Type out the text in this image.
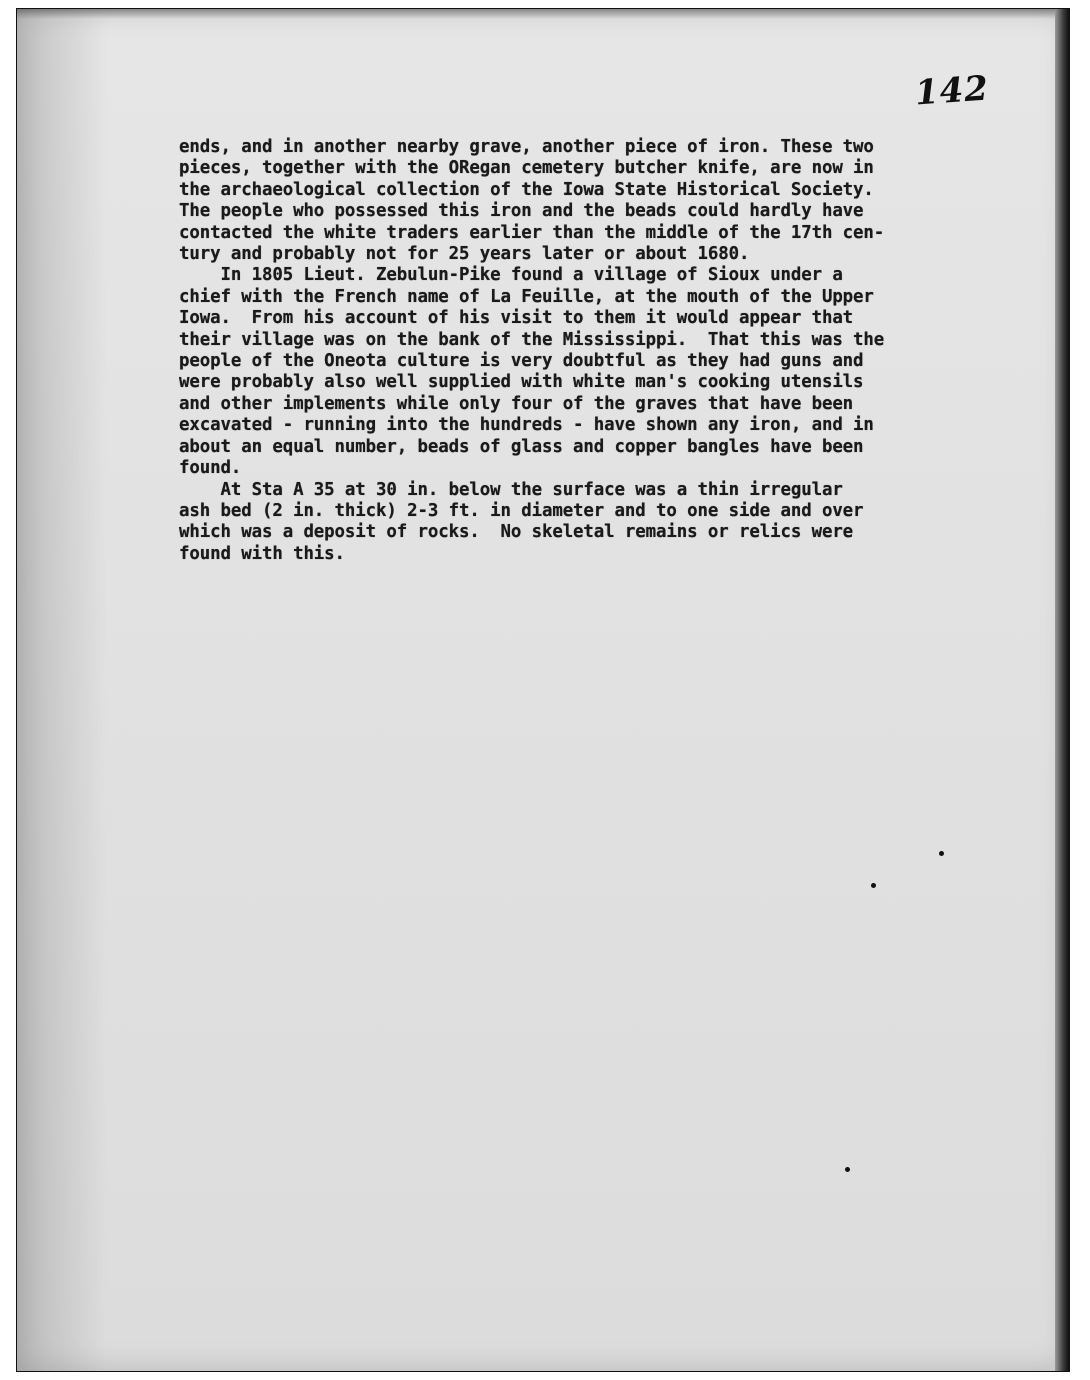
142
ends, and in another nearby grave, another piece of iron. These two
pieces, together with the ORegan cemetery butcher knife, are now in
the archaeological collection of the Iowa State Historical Society.
The people who possessed this iron and the beads could hardly have
contacted the white traders earlier than the middle of the 17th cen-
tury and probably not for 25 years later or about 1680.
In 1805 Lieut. Zebulun-Pike found a village of Sioux under a
chief with the French name of La Feuille, at the mouth of the Upper
Iowa.  From his account of his visit to them it would appear that
their village was on the bank of the Mississippi.  That this was the
people of the Oneota culture is very doubtful as they had guns and
were probably also well supplied with white man's cooking utensils
and other implements while only four of the graves that have been
excavated - running into the hundreds - have shown any iron, and in
about an equal number, beads of glass and copper bangles have been
found.
At Sta A 35 at 30 in. below the surface was a thin irregular
ash bed (2 in. thick) 2-3 ft. in diameter and to one side and over
which was a deposit of rocks.  No skeletal remains or relics were
found with this.
